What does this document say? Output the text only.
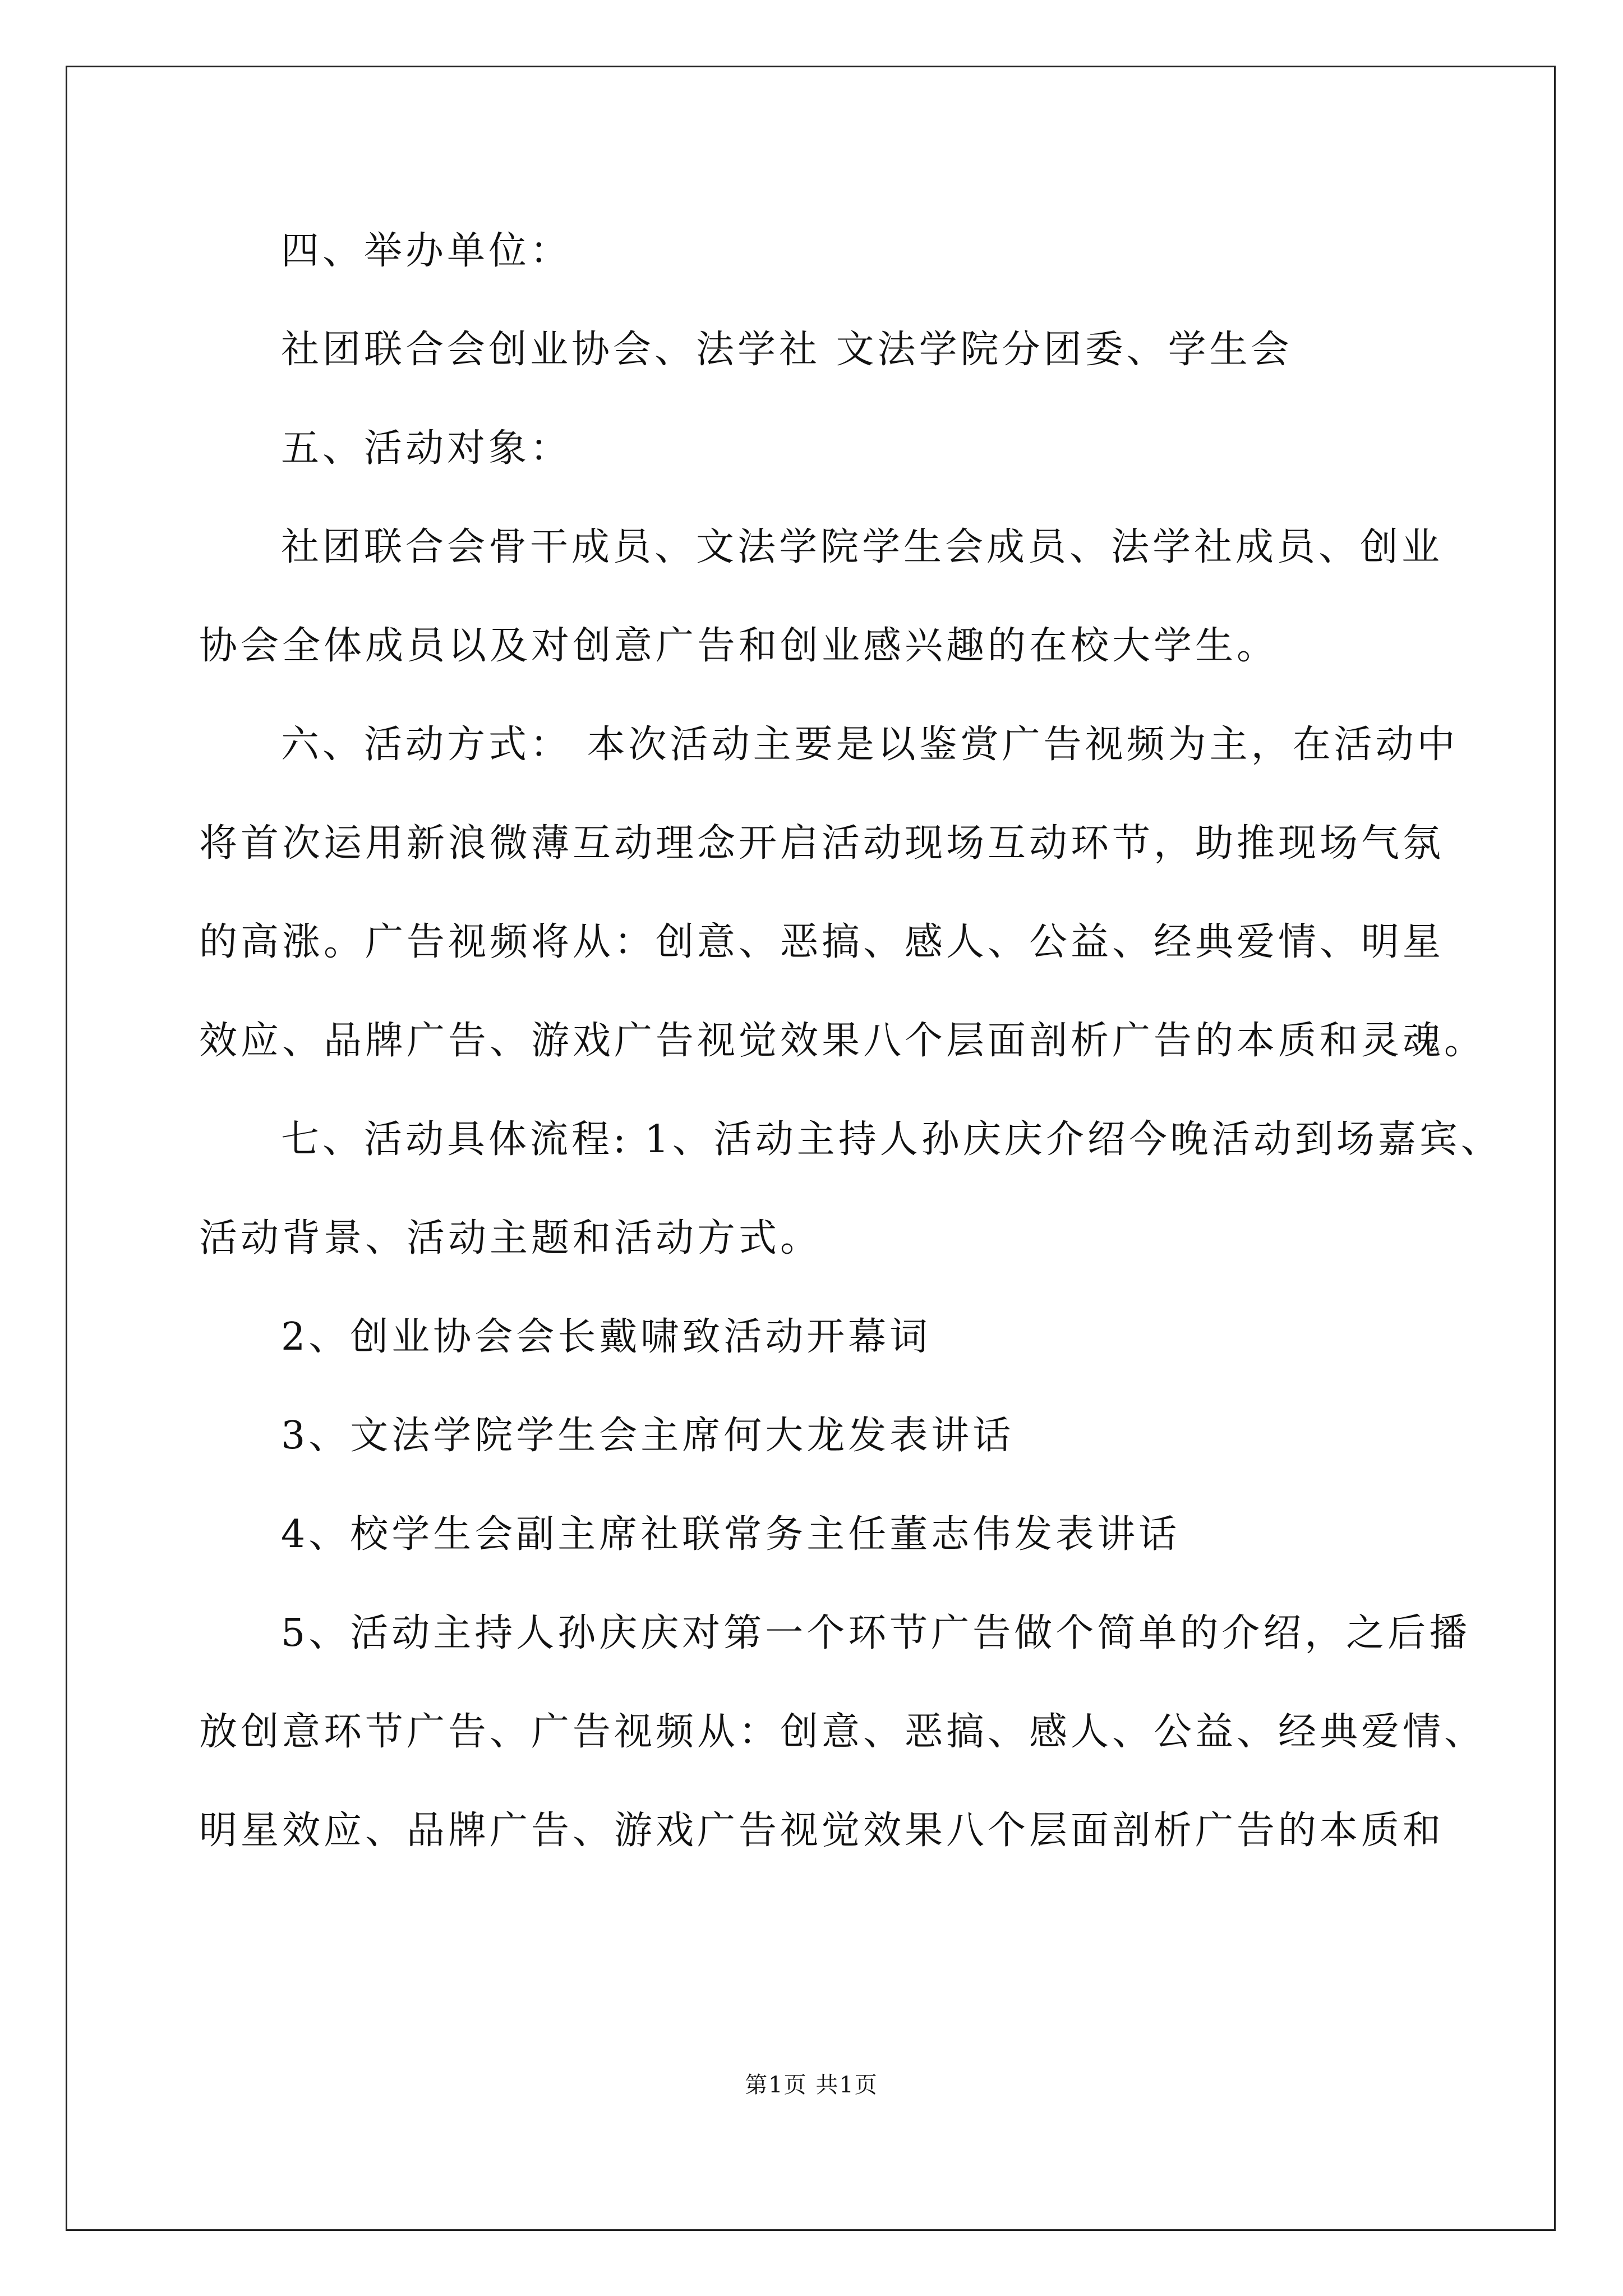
四、举办单位：

社团联合会创业协会、法学社 文法学院分团委、学生会

五、活动对象：

社团联合会骨干成员、文法学院学生会成员、法学社成员、创业

协会全体成员以及对创意广告和创业感兴趣的在校大学生。

六、活动方式： 本次活动主要是以鉴赏广告视频为主，在活动中

将首次运用新浪微薄互动理念开启活动现场互动环节，助推现场气氛

的高涨。广告视频将从：创意、恶搞、感人、公益、经典爱情、明星

效应、品牌广告、游戏广告视觉效果八个层面剖析广告的本质和灵魂。

七、活动具体流程: 1、活动主持人孙庆庆介绍今晚活动到场嘉宾、

活动背景、活动主题和活动方式。

2、创业协会会长戴啸致活动开幕词

3、文法学院学生会主席何大龙发表讲话

4、校学生会副主席社联常务主任董志伟发表讲话

5、活动主持人孙庆庆对第一个环节广告做个简单的介绍，之后播

放创意环节广告、广告视频从：创意、恶搞、感人、公益、经典爱情、

明星效应、品牌广告、游戏广告视觉效果八个层面剖析广告的本质和

第1页 共1页
